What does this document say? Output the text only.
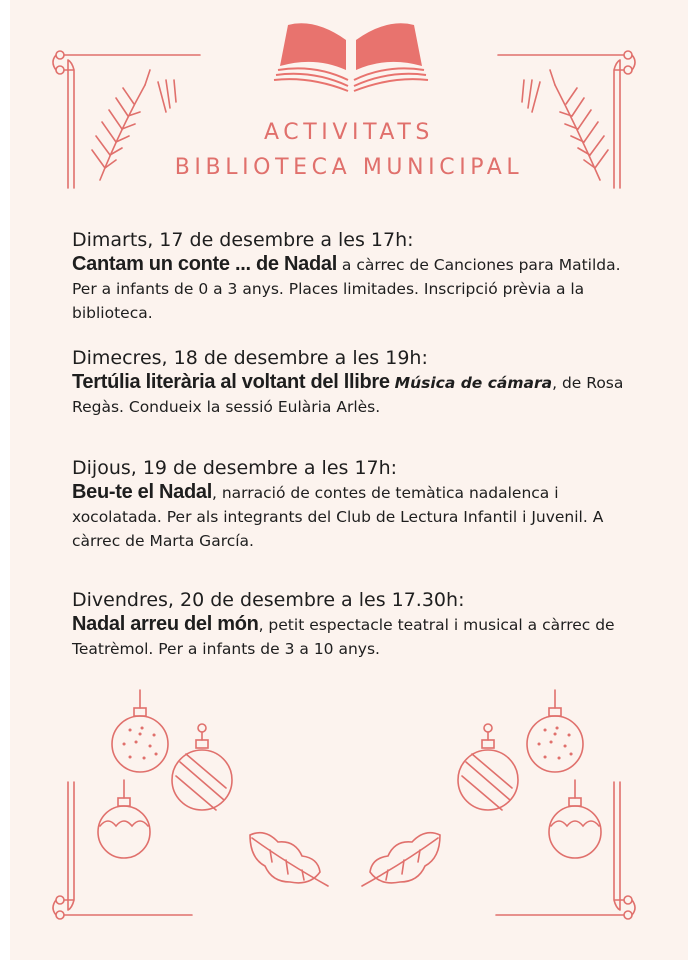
ACTIVITATS
BIBLIOTECA MUNICIPAL

Dimarts, 17 de desembre a les 17h:

Cantam un conte ... de Nadal a càrrec de Canciones para Matilda. Per a infants de 0 a 3 anys. Places limitades. Inscripció prèvia a la biblioteca.

Dimecres, 18 de desembre a les 19h:

Tertúlia literària al voltant del llibre Música de cámara, de Rosa Regàs. Condueix la sessió Eulària Arlès.

Dijous, 19 de desembre a les 17h:

Beu-te el Nadal, narració de contes de temàtica nadalenca i xocolatada. Per als integrants del Club de Lectura Infantil i Juvenil. A càrrec de Marta García.

Divendres, 20 de desembre a les 17.30h:

Nadal arreu del món, petit espectacle teatral i musical a càrrec de Teatrèmol. Per a infants de 3 a 10 anys.
